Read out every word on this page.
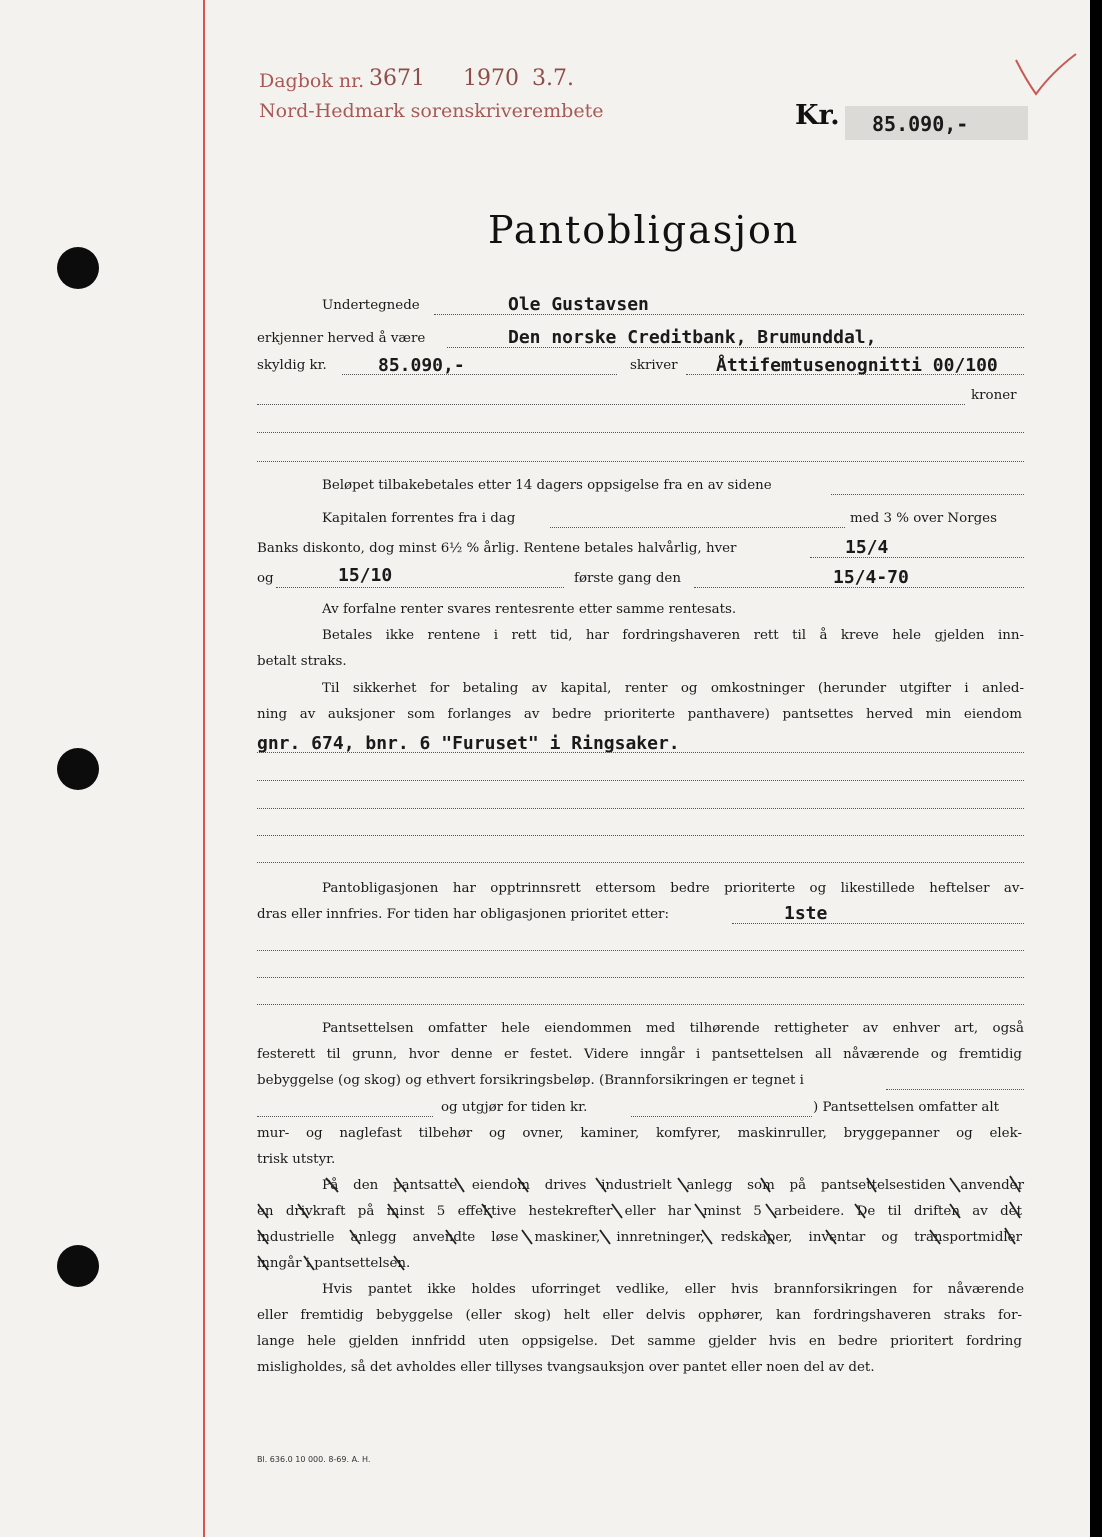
Dagbok nr. 3671 1970 3.7.
Nord-Hedmark sorenskriverembete	Kr. 85.090,-
Pantobligasjon
Undertegnede	Ole Gustavsen
erkjenner herved å være	Den norske Creditbank, Brumunddal,
skyldig kr.	85.090,-	skriver Åttifemtusenognitti 00/100
kroner
Beløpet tilbakebetales etter 14 dagers oppsigelse fra en av sidene
Kapitalen forrentes fra i dag	med 3 % over Norges
Banks diskonto, dog minst 6½ % årlig. Rentene betales halvårlig, hver	15/4
og	15/10	første gang den	15/4-70
Av forfalne renter svares rentesrente etter samme rentesats.
Betales ikke rentene i rett tid, har fordringshaveren rett til å kreve hele gjelden inn-
betalt straks.
Til sikkerhet for betaling av kapital, renter og omkostninger (herunder utgifter i anled-
ning av auksjoner som forlanges av bedre prioriterte panthavere) pantsettes herved min eiendom
gnr. 674, bnr. 6 "Furuset" i Ringsaker.
Pantobligasjonen har opptrinnsrett ettersom bedre prioriterte og likestillede heftelser av-
dras eller innfries. For tiden har obligasjonen prioritet etter:	1ste
Pantsettelsen omfatter hele eiendommen med tilhørende rettigheter av enhver art, også
festerett til grunn, hvor denne er festet. Videre inngår i pantsettelsen all nåværende og fremtidig
bebyggelse (og skog) og ethvert forsikringsbeløp. (Brannforsikringen er tegnet i
og utgjør for tiden kr.	) Pantsettelsen omfatter alt
mur- og naglefast tilbehør og ovner, kaminer, komfyrer, maskinruller, bryggepanner og elek-
trisk utstyr.
På den pantsatte eiendom drives industrielt anlegg som på pantsettelsestiden anvender
en drivkraft på minst 5 effektive hestekrefter eller har minst 5 arbeidere. De til driften av det
industrielle anlegg anvendte løse maskiner, innretninger, redskaper, inventar og transportmidler
inngår i pantsettelsen.
Hvis pantet ikke holdes uforringet vedlike, eller hvis brannforsikringen for nåværende
eller fremtidig bebyggelse (eller skog) helt eller delvis opphører, kan fordringshaveren straks for-
lange hele gjelden innfridd uten oppsigelse. Det samme gjelder hvis en bedre prioritert fordring
misligholdes, så det avholdes eller tillyses tvangsauksjon over pantet eller noen del av det.
Bl. 636.0 10 000. 8-69. A. H.
